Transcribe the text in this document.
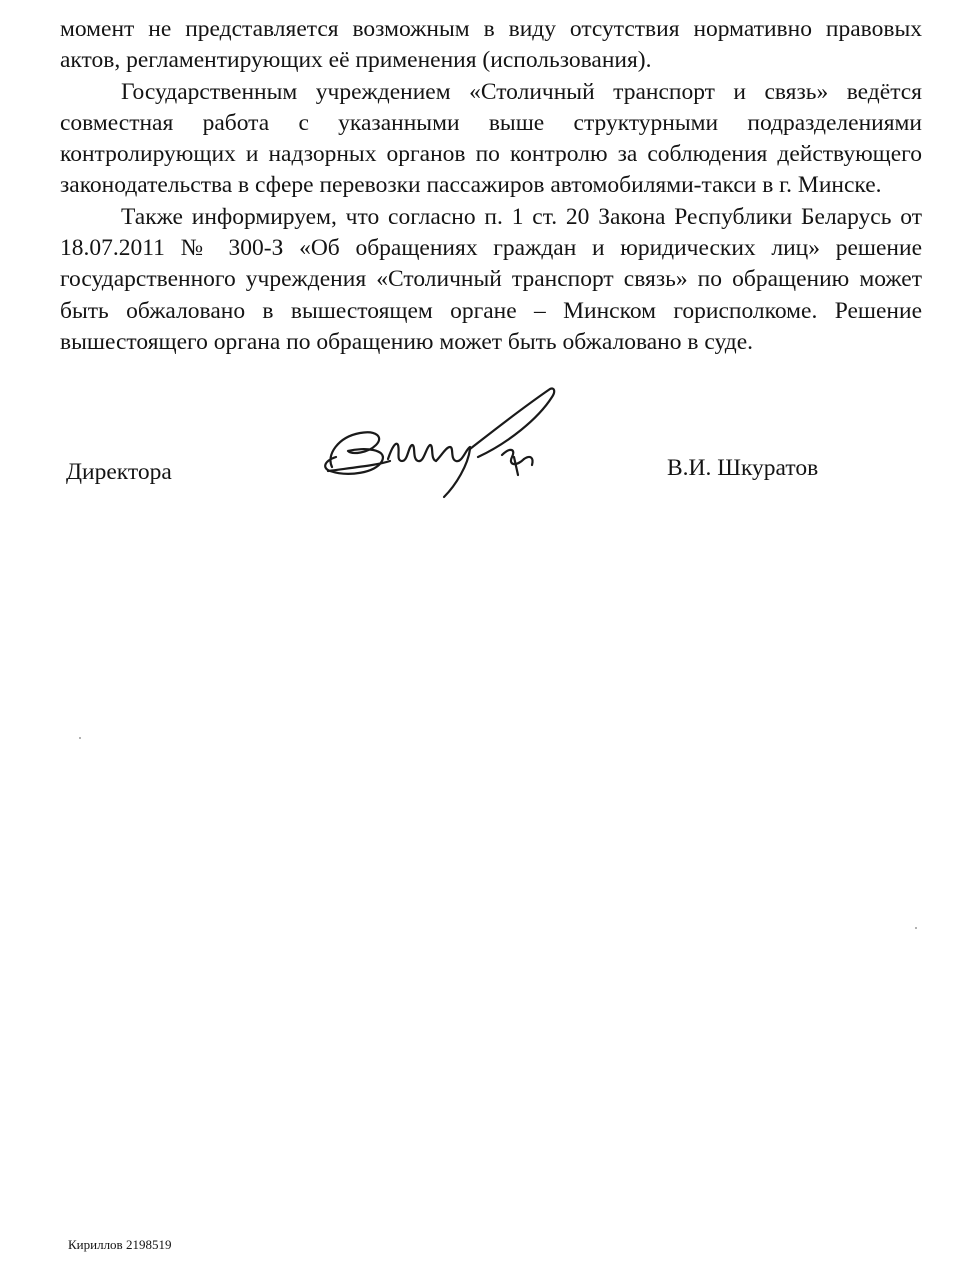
момент не представляется возможным в виду отсутствия нормативно правовых актов, регламентирующих её применения (использования).

Государственным учреждением «Столичный транспорт и связь» ведётся совместная работа с указанными выше структурными подразделениями контролирующих и надзорных органов по контролю за соблюдения действующего законодательства в сфере перевозки пассажиров автомобилями-такси в г. Минске.

Также информируем, что согласно п. 1 ст. 20 Закона Республики Беларусь от 18.07.2011 № 300-З «Об обращениях граждан и юридических лиц» решение государственного учреждения «Столичный транспорт связь» по обращению может быть обжаловано в вышестоящем органе – Минском горисполкоме. Решение вышестоящего органа по обращению может быть обжаловано в суде.

Директора	В.И. Шкуратов
Кириллов 2198519
